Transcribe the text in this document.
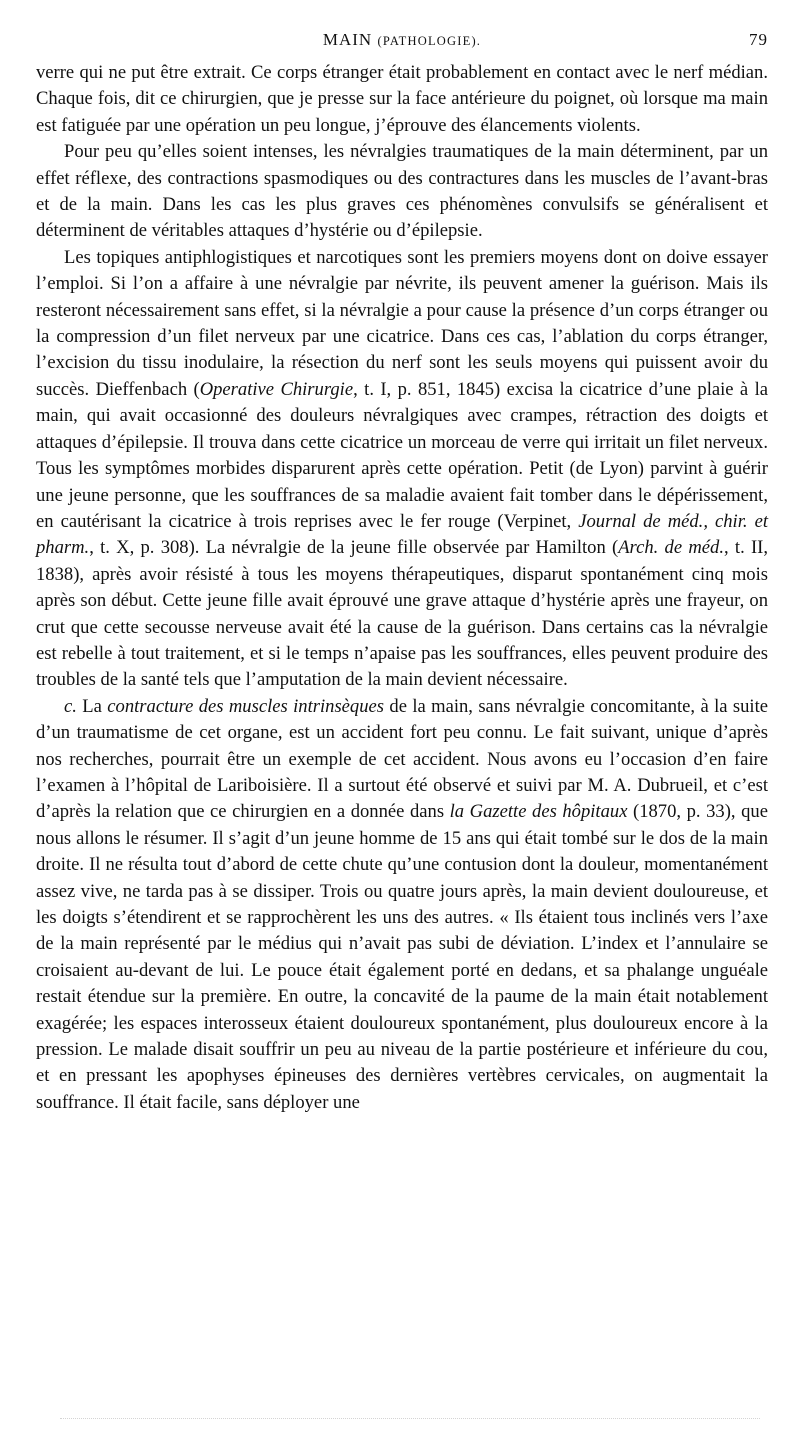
MAIN (PATHOLOGIE).	79

verre qui ne put être extrait. Ce corps étranger était probablement en contact avec le nerf médian. Chaque fois, dit ce chirurgien, que je presse sur la face antérieure du poignet, où lorsque ma main est fatiguée par une opération un peu longue, j’éprouve des élancements violents.

Pour peu qu’elles soient intenses, les névralgies traumatiques de la main déterminent, par un effet réflexe, des contractions spasmodiques ou des contractures dans les muscles de l’avant-bras et de la main. Dans les cas les plus graves ces phénomènes convulsifs se généralisent et déterminent de véritables attaques d’hystérie ou d’épilepsie.

Les topiques antiphlogistiques et narcotiques sont les premiers moyens dont on doive essayer l’emploi. Si l’on a affaire à une névralgie par névrite, ils peuvent amener la guérison. Mais ils resteront nécessairement sans effet, si la névralgie a pour cause la présence d’un corps étranger ou la compression d’un filet nerveux par une cicatrice. Dans ces cas, l’ablation du corps étranger, l’excision du tissu inodulaire, la résection du nerf sont les seuls moyens qui puissent avoir du succès. Dieffenbach (Operative Chirurgie, t. I, p. 851, 1845) excisa la cicatrice d’une plaie à la main, qui avait occasionné des douleurs névralgiques avec crampes, rétraction des doigts et attaques d’épilepsie. Il trouva dans cette cicatrice un morceau de verre qui irritait un filet nerveux. Tous les symptômes morbides disparurent après cette opération. Petit (de Lyon) parvint à guérir une jeune personne, que les souffrances de sa maladie avaient fait tomber dans le dépérissement, en cautérisant la cicatrice à trois reprises avec le fer rouge (Verpinet, Journal de méd., chir. et pharm., t. X, p. 308). La névralgie de la jeune fille observée par Hamilton (Arch. de méd., t. II, 1838), après avoir résisté à tous les moyens thérapeutiques, disparut spontanément cinq mois après son début. Cette jeune fille avait éprouvé une grave attaque d’hystérie après une frayeur, on crut que cette secousse nerveuse avait été la cause de la guérison. Dans certains cas la névralgie est rebelle à tout traitement, et si le temps n’apaise pas les souffrances, elles peuvent produire des troubles de la santé tels que l’amputation de la main devient nécessaire.

c. La contracture des muscles intrinsèques de la main, sans névralgie concomitante, à la suite d’un traumatisme de cet organe, est un accident fort peu connu. Le fait suivant, unique d’après nos recherches, pourrait être un exemple de cet accident. Nous avons eu l’occasion d’en faire l’examen à l’hôpital de Lariboisière. Il a surtout été observé et suivi par M. A. Dubrueil, et c’est d’après la relation que ce chirurgien en a donnée dans la Gazette des hôpitaux (1870, p. 33), que nous allons le résumer. Il s’agit d’un jeune homme de 15 ans qui était tombé sur le dos de la main droite. Il ne résulta tout d’abord de cette chute qu’une contusion dont la douleur, momentanément assez vive, ne tarda pas à se dissiper. Trois ou quatre jours après, la main devient douloureuse, et les doigts s’étendirent et se rapprochèrent les uns des autres. « Ils étaient tous inclinés vers l’axe de la main représenté par le médius qui n’avait pas subi de déviation. L’index et l’annulaire se croisaient au-devant de lui. Le pouce était également porté en dedans, et sa phalange unguéale restait étendue sur la première. En outre, la concavité de la paume de la main était notablement exagérée; les espaces interosseux étaient douloureux spontanément, plus douloureux encore à la pression. Le malade disait souffrir un peu au niveau de la partie postérieure et inférieure du cou, et en pressant les apophyses épineuses des dernières vertèbres cervicales, on augmentait la souffrance. Il était facile, sans déployer une
